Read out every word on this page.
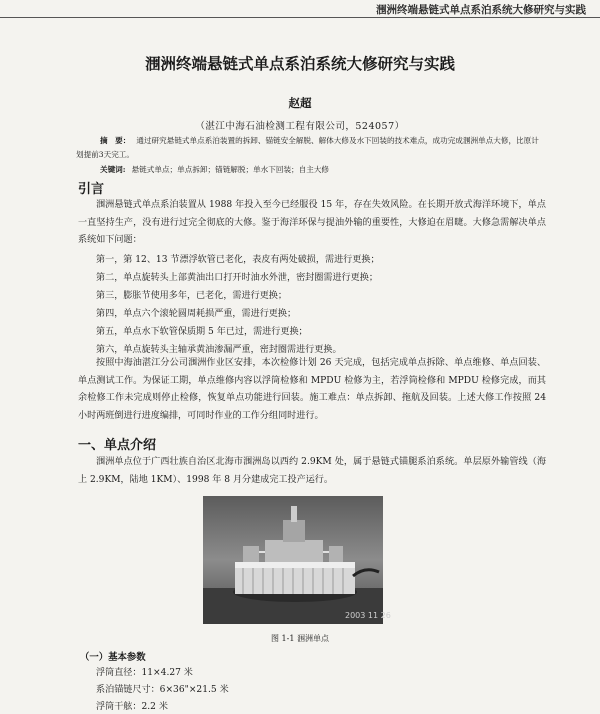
涠洲终端悬链式单点系泊系统大修研究与实践
涠洲终端悬链式单点系泊系统大修研究与实践
赵超
（湛江中海石油检测工程有限公司，524057）
摘　要： 通过研究悬链式单点系泊装置的拆卸、锚链安全解脱、解体大修及水下回装的技术难点，成功完成涠洲单点大修，比原计划提前3天完工。
关键词: 悬链式单点；单点拆卸；锚链解脱；单水下回装；自主大修
引言
涠洲悬链式单点系泊装置从 1988 年投入至今已经服役 15 年，存在失效风险。在长期开放式海洋环境下，单点一直坚持生产，没有进行过完全彻底的大修。鉴于海洋环保与提油外输的重要性，大修迫在眉睫。大修急需解决单点系统如下问题：
第一，第 12、13 节漂浮软管已老化，表皮有两处破损，需进行更换；
第二，单点旋转头上部黄油出口打开时油水外泄，密封圈需进行更换；
第三，膨胀节使用多年，已老化，需进行更换；
第四，单点六个滚轮圆周耗损严重，需进行更换；
第五，单点水下软管保质期 5 年已过，需进行更换；
第六，单点旋转头主轴承黄油渗漏严重，密封圈需进行更换。
按照中海油湛江分公司涠洲作业区安排，本次检修计划 26 天完成，包括完成单点拆除、单点维修、单点回装、单点测试工作。为保证工期，单点维修内容以浮筒检修和 MPDU 检修为主，若浮筒检修和 MPDU 检修完成，而其余检修工作未完成则停止检修，恢复单点功能进行回装。施工难点：单点拆卸、拖航及回装。上述大修工作按照 24 小时两班倒进行进度编排，可同时作业的工作分组同时进行。
一、单点介绍
涠洲单点位于广西壮族自治区北海市涠洲岛以西约 2.9KM 处，属于悬链式锚腿系泊系统。单层原外输管线（海上 2.9KM，陆地 1KM）、1998 年 8 月分建成完工投产运行。
2003 11 26
图 1-1 涠洲单点
（一）基本参数
浮筒直径：11×4.27 米
系泊锚链尺寸：6×36"×21.5 米
浮筒干舷：2.2 米
